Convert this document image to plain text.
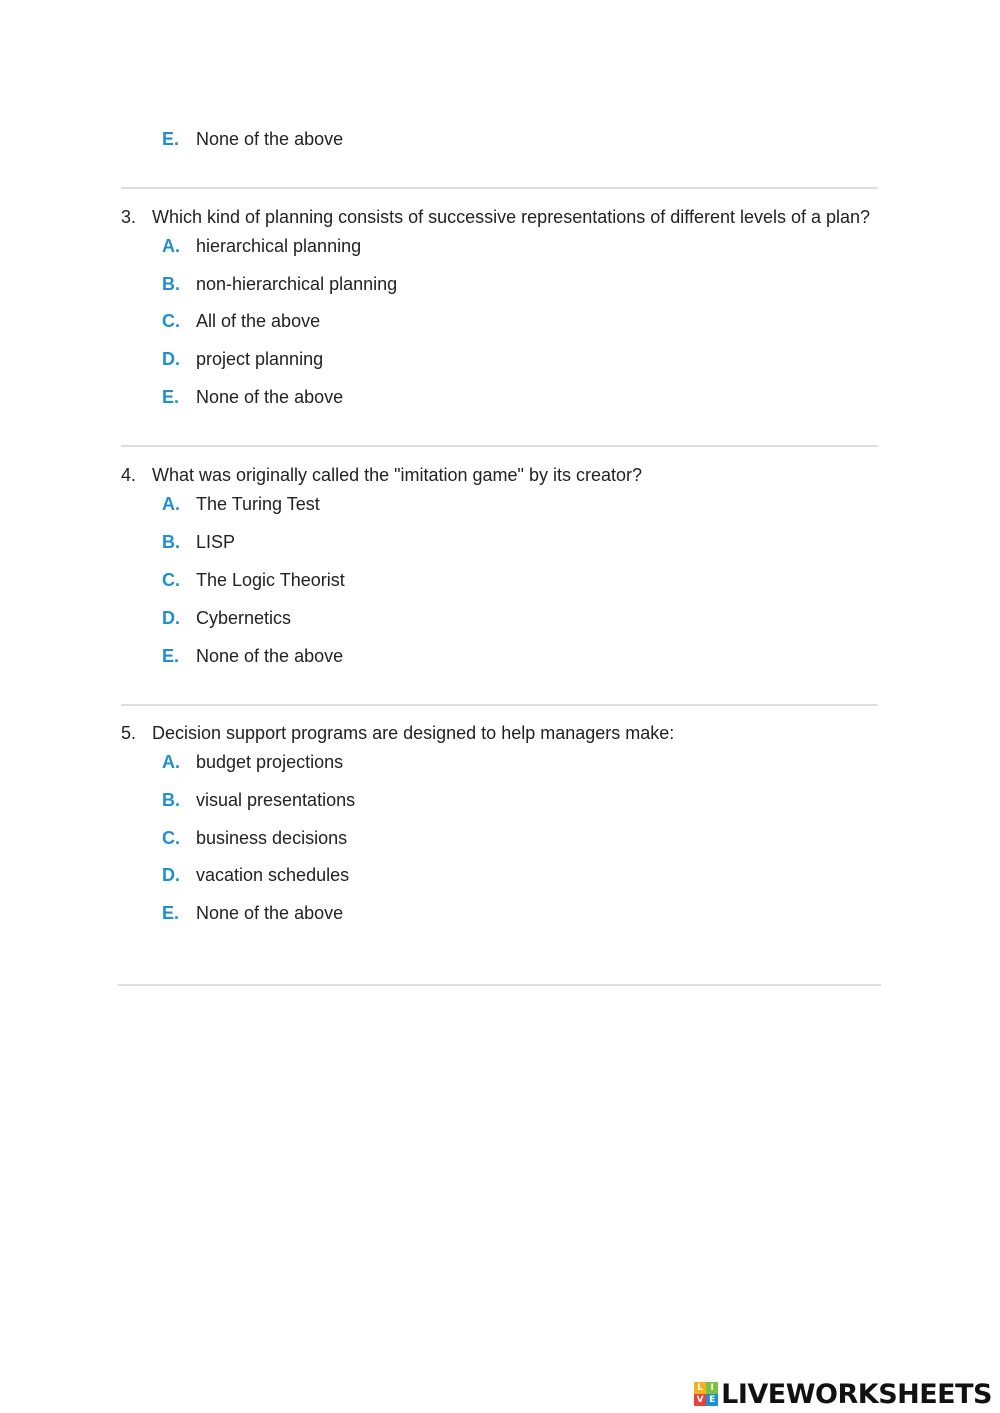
E. None of the above
3. Which kind of planning consists of successive representations of different levels of a plan?
A. hierarchical planning
B. non-hierarchical planning
C. All of the above
D. project planning
E. None of the above
4. What was originally called the "imitation game" by its creator?
A. The Turing Test
B. LISP
C. The Logic Theorist
D. Cybernetics
E. None of the above
5. Decision support programs are designed to help managers make:
A. budget projections
B. visual presentations
C. business decisions
D. vacation schedules
E. None of the above
L I
V E LIVEWORKSHEETS
